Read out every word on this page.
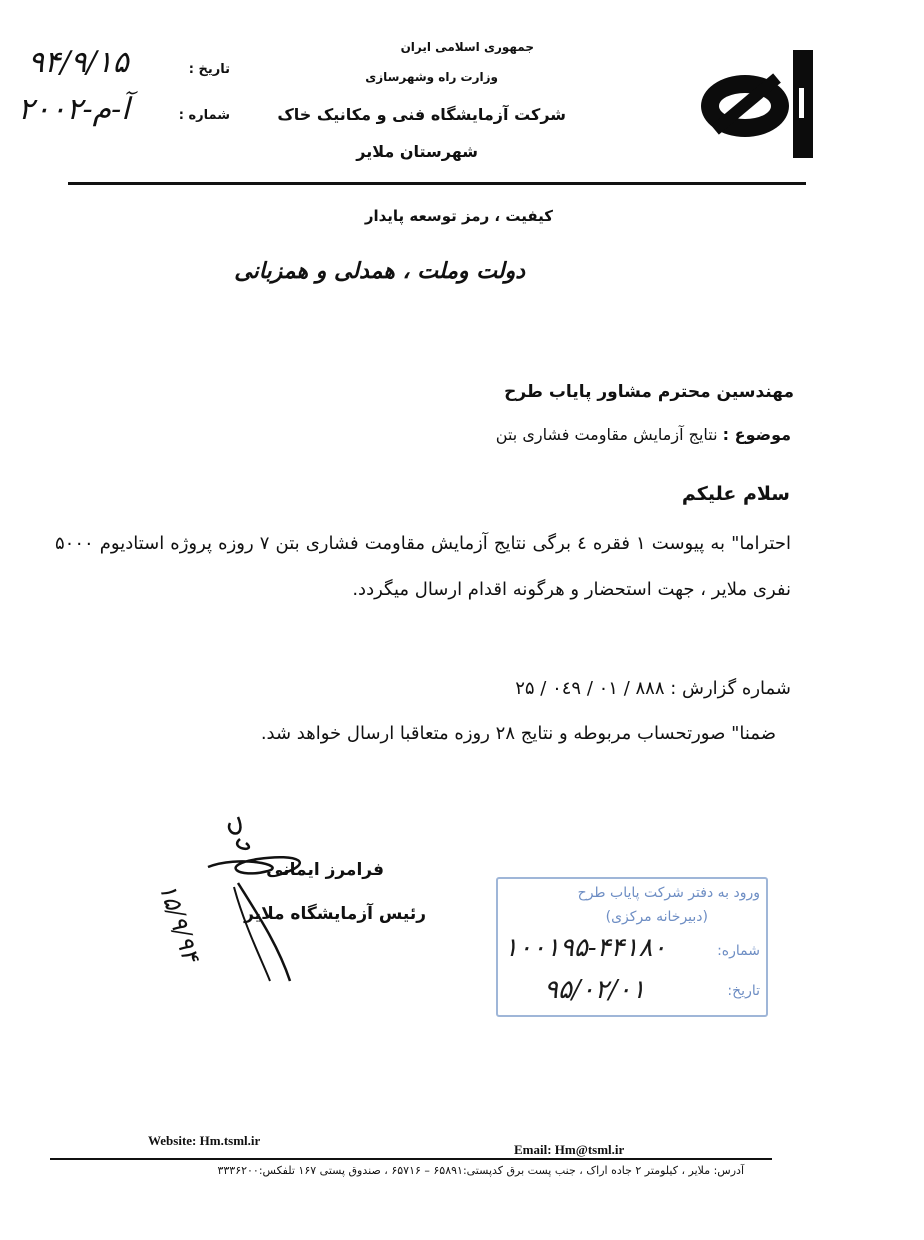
جمهوری اسلامی ایران
وزارت راه وشهرسازی
شرکت آزمایشگاه فنی و مکانیک خاک
شهرستان ملایر
تاریخ :
۹۴/۹/۱۵
شماره :
۲۰۰۲-آ-م
کیفیت ، رمز توسعه پایدار
دولت وملت ، همدلی و همزبانی
مهندسین محترم مشاور پایاب طرح
موضوع : نتایج آزمایش مقاومت فشاری بتن
سلام علیکم
احتراما" به پیوست ۱ فقره ٤ برگی نتایج آزمایش مقاومت فشاری بتن ۷ روزه پروژه استادیوم ۵۰۰۰ نفری ملایر ، جهت استحضار و هرگونه اقدام ارسال میگردد.
شماره گزارش : ۸۸۸ / ۰۱ / ۰٤۹ / ۲۵
ضمنا" صورتحساب مربوطه و نتایج ۲۸ روزه متعاقبا ارسال خواهد شد.
۱۵/۹/۹۴
فرامرز ایمانی
رئیس آزمایشگاه ملایر
ورود به دفتر شرکت پایاب طرح
(دبیرخانه مرکزی)
شماره:
۱۰۰۱۹۵-۴۴۱۸۰
تاریخ:
۹۵/۰۲/۰۱
Website: Hm.tsml.ir
Email: Hm@tsml.ir
آدرس: ملایر ، کیلومتر ۲ جاده اراک ، جنب پست برق کدپستی:۶۵۸۹۱ – ۶۵۷۱۶ ، صندوق پستی ۱۶۷ تلفکس:۳۳۳۶۲۰۰
